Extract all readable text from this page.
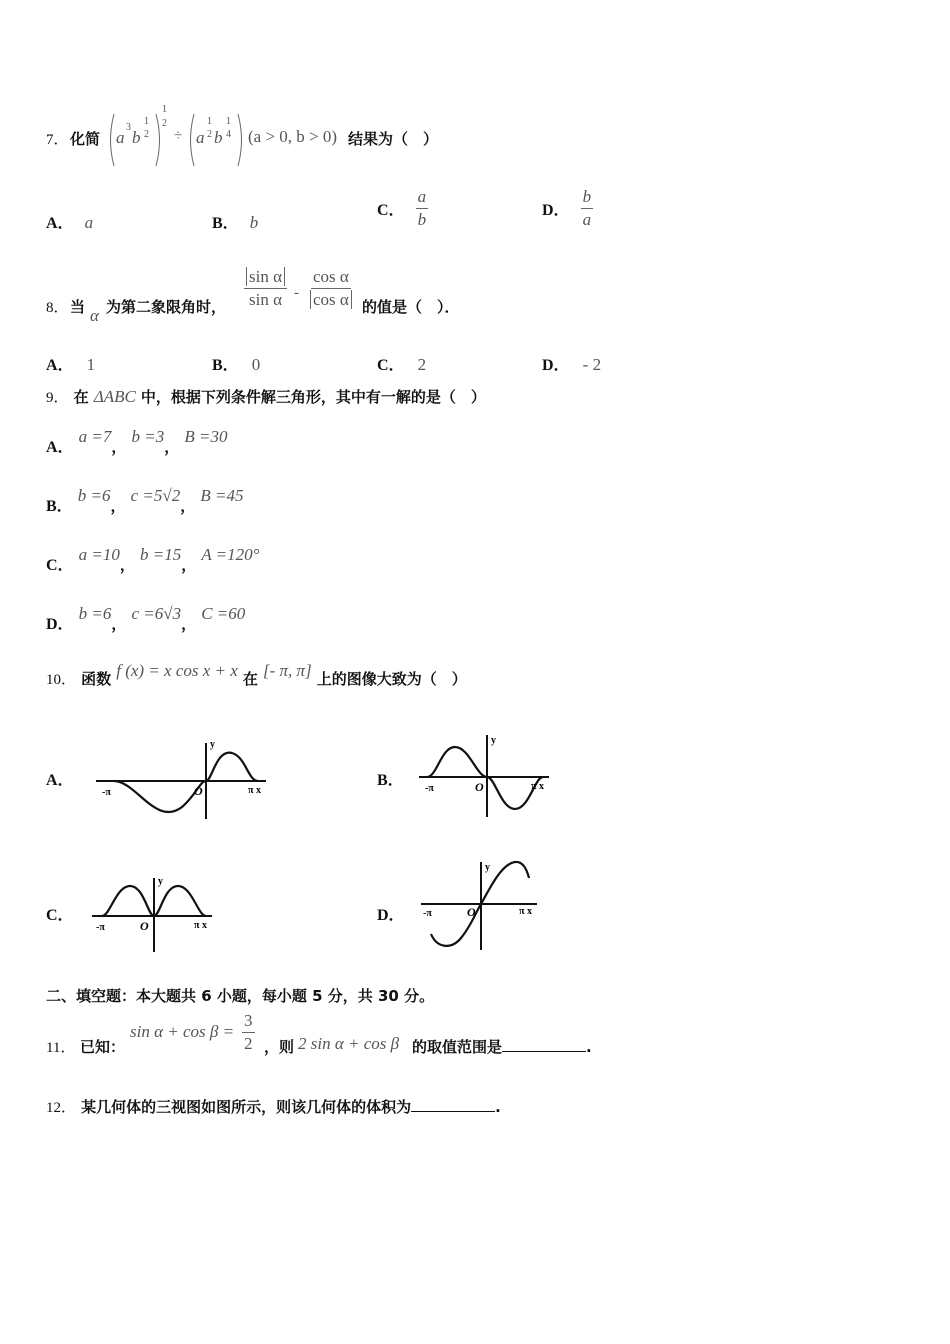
7． 化简 a
3
b
1
2
1
2
÷ a
1
2 b
1
4 (a > 0, b > 0) 结果为（　）
A． a	B． b
C． $\frac{a}{b}$	D． $\frac{b}{a}$
8． 当 α 为第二象限角时， $\frac{\text{sin α}}{\text{sin α}} - \frac{\text{cos α}}{\text{cos α}}$ 的值是（　）．
A． 1	B． 0	C． 2	D． - 2
9． 在 ΔABC 中，根据下列条件解三角形，其中有一解的是（　）
A． a =7， b =3， B =30
B． b =6， c =5√2， B =45
C． a =10， b =15， A =120°
D． b =6， c =6√3， C =60
10． 函数 f (x) = x cos x + x 在 [- π, π] 上的图像大致为（　）
A．
y
O
-π	π x
B．
y
O
-π	π x
C．
y
O
-π	π x
D．
y
O
-π	π x
二、填空题：本大题共 6 小题，每小题 5 分，共 30 分。
11． 已知：
$\sin \alpha + \cos \beta = \frac{3}{2}$ ，则 2 sin α + cos β 的取值范围是	.
12． 某几何体的三视图如图所示，则该几何体的体积为	.
